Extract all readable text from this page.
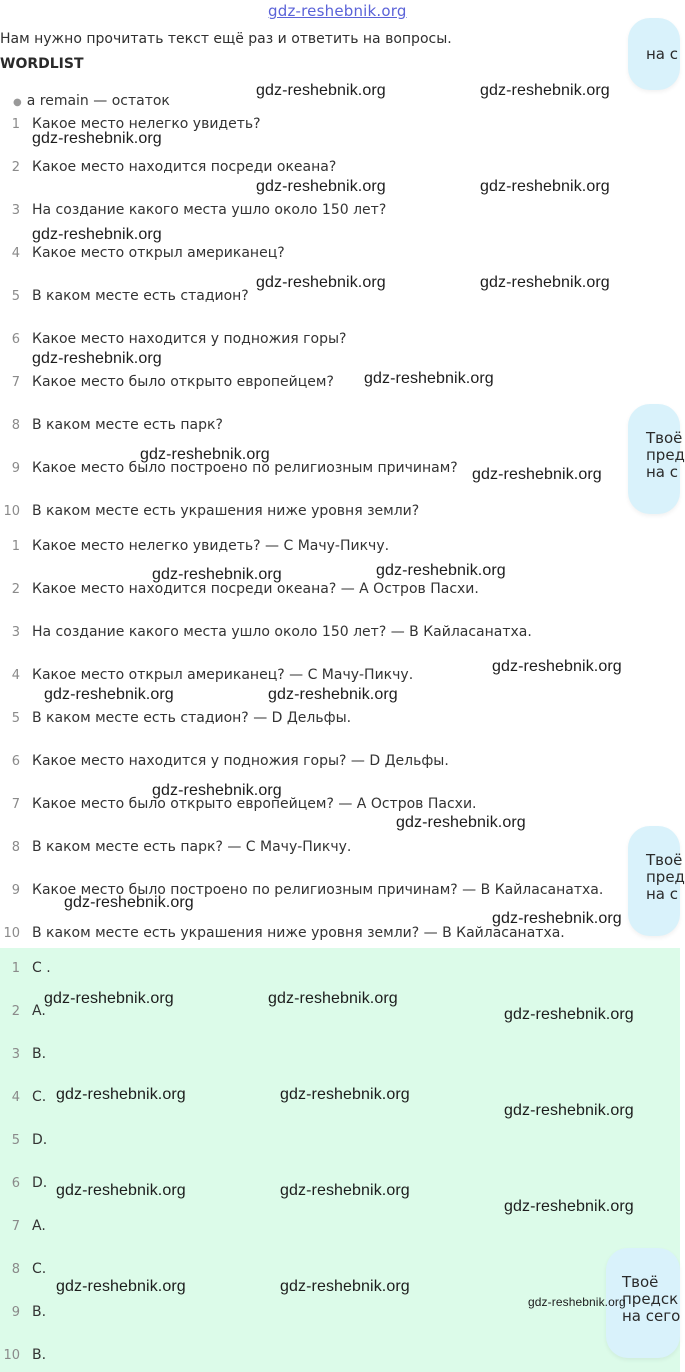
gdz-reshebnik.org
Нам нужно прочитать текст ещё раз и ответить на вопросы.
WORDLIST
● a remain — остаток
1 Какое место нелегко увидеть?
2 Какое место находится посреди океана?
3 На создание какого места ушло около 150 лет?
4 Какое место открыл американец?
5 В каком месте есть стадион?
6 Какое место находится у подножия горы?
7 Какое место было открыто европейцем?
8 В каком месте есть парк?
9 Какое место было построено по религиозным причинам?
10 В каком месте есть украшения ниже уровня земли?
1 Какое место нелегко увидеть? — C Мачу-Пикчу.
2 Какое место находится посреди океана? — A Остров Пасхи.
3 На создание какого места ушло около 150 лет? — B Кайласанатха.
4 Какое место открыл американец? — C Мачу-Пикчу.
5 В каком месте есть стадион? — D Дельфы.
6 Какое место находится у подножия горы? — D Дельфы.
7 Какое место было открыто европейцем? — A Остров Пасхи.
8 В каком месте есть парк? — C Мачу-Пикчу.
9 Какое место было построено по религиозным причинам? — B Кайласанатха.
10 В каком месте есть украшения ниже уровня земли? — B Кайласанатха.
1 C .
2 A.
3 B.
4 C.
5 D.
6 D.
7 A.
8 C.
9 B.
10 B.
на с
Твоё
пред
на с
Твоё
пред
на с
Твоё
предск
на сего
gdz-reshebnik.org	gdz-reshebnik.org
gdz-reshebnik.org
gdz-reshebnik.org	gdz-reshebnik.org
gdz-reshebnik.org
gdz-reshebnik.org	gdz-reshebnik.org
gdz-reshebnik.org
gdz-reshebnik.org
gdz-reshebnik.org
gdz-reshebnik.org
gdz-reshebnik.org	gdz-reshebnik.org
gdz-reshebnik.org
gdz-reshebnik.org	gdz-reshebnik.org
gdz-reshebnik.org
gdz-reshebnik.org
gdz-reshebnik.org
gdz-reshebnik.org
gdz-reshebnik.org	gdz-reshebnik.org
gdz-reshebnik.org
gdz-reshebnik.org	gdz-reshebnik.org
gdz-reshebnik.org
gdz-reshebnik.org	gdz-reshebnik.org
gdz-reshebnik.org
gdz-reshebnik.org	gdz-reshebnik.org
gdz-reshebnik.org
